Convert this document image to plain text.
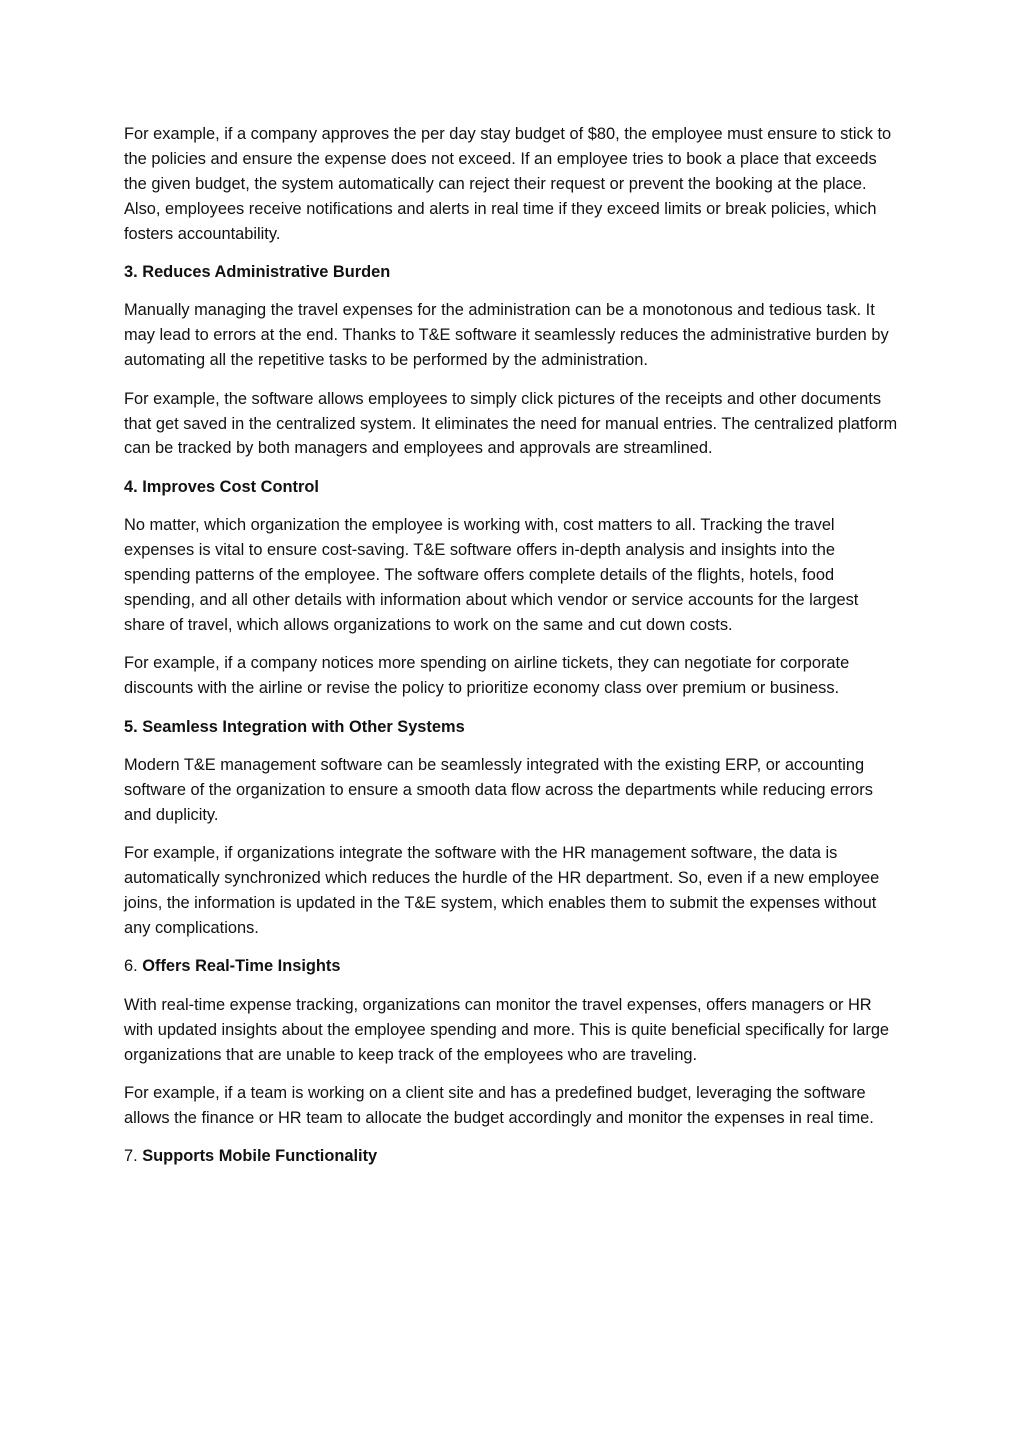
For example, if a company approves the per day stay budget of $80, the employee must ensure to stick to the policies and ensure the expense does not exceed. If an employee tries to book a place that exceeds the given budget, the system automatically can reject their request or prevent the booking at the place. Also, employees receive notifications and alerts in real time if they exceed limits or break policies, which fosters accountability.

3. Reduces Administrative Burden

Manually managing the travel expenses for the administration can be a monotonous and tedious task. It may lead to errors at the end. Thanks to T&E software it seamlessly reduces the administrative burden by automating all the repetitive tasks to be performed by the administration.

For example, the software allows employees to simply click pictures of the receipts and other documents that get saved in the centralized system. It eliminates the need for manual entries. The centralized platform can be tracked by both managers and employees and approvals are streamlined.

4. Improves Cost Control

No matter, which organization the employee is working with, cost matters to all. Tracking the travel expenses is vital to ensure cost-saving. T&E software offers in-depth analysis and insights into the spending patterns of the employee. The software offers complete details of the flights, hotels, food spending, and all other details with information about which vendor or service accounts for the largest share of travel, which allows organizations to work on the same and cut down costs.

For example, if a company notices more spending on airline tickets, they can negotiate for corporate discounts with the airline or revise the policy to prioritize economy class over premium or business.

5. Seamless Integration with Other Systems

Modern T&E management software can be seamlessly integrated with the existing ERP, or accounting software of the organization to ensure a smooth data flow across the departments while reducing errors and duplicity.

For example, if organizations integrate the software with the HR management software, the data is automatically synchronized which reduces the hurdle of the HR department. So, even if a new employee joins, the information is updated in the T&E system, which enables them to submit the expenses without any complications.

6. Offers Real-Time Insights

With real-time expense tracking, organizations can monitor the travel expenses, offers managers or HR with updated insights about the employee spending and more. This is quite beneficial specifically for large organizations that are unable to keep track of the employees who are traveling.

For example, if a team is working on a client site and has a predefined budget, leveraging the software allows the finance or HR team to allocate the budget accordingly and monitor the expenses in real time.

7. Supports Mobile Functionality
